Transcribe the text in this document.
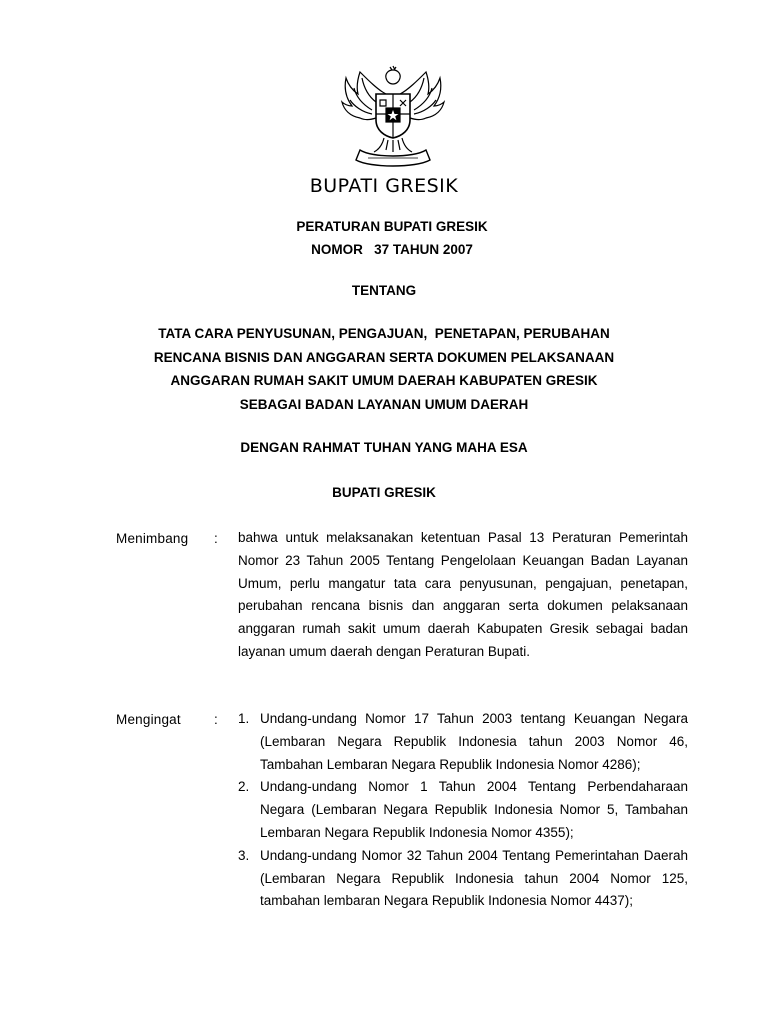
BUPATI GRESIK
PERATURAN BUPATI GRESIK
NOMOR   37 TAHUN 2007
TENTANG
TATA CARA PENYUSUNAN, PENGAJUAN,  PENETAPAN, PERUBAHAN
RENCANA BISNIS DAN ANGGARAN SERTA DOKUMEN PELAKSANAAN
ANGGARAN RUMAH SAKIT UMUM DAERAH KABUPATEN GRESIK
SEBAGAI BADAN LAYANAN UMUM DAERAH
DENGAN RAHMAT TUHAN YANG MAHA ESA
BUPATI GRESIK
Menimbang : bahwa untuk melaksanakan ketentuan Pasal 13 Peraturan Pemerintah Nomor 23 Tahun 2005 Tentang Pengelolaan Keuangan Badan Layanan Umum, perlu mangatur tata cara penyusunan, pengajuan, penetapan, perubahan rencana bisnis dan anggaran serta dokumen pelaksanaan anggaran rumah sakit umum daerah Kabupaten Gresik sebagai badan layanan umum daerah dengan Peraturan Bupati.
Mengingat : 1. Undang-undang Nomor 17 Tahun 2003 tentang Keuangan Negara (Lembaran Negara Republik Indonesia tahun 2003 Nomor 46, Tambahan Lembaran Negara Republik Indonesia Nomor 4286);
2. Undang-undang Nomor 1 Tahun 2004 Tentang Perbendaharaan Negara (Lembaran Negara Republik Indonesia Nomor 5, Tambahan Lembaran Negara Republik Indonesia Nomor 4355);
3. Undang-undang Nomor 32 Tahun 2004 Tentang Pemerintahan Daerah (Lembaran Negara Republik Indonesia tahun 2004 Nomor 125, tambahan lembaran Negara Republik Indonesia Nomor 4437);
